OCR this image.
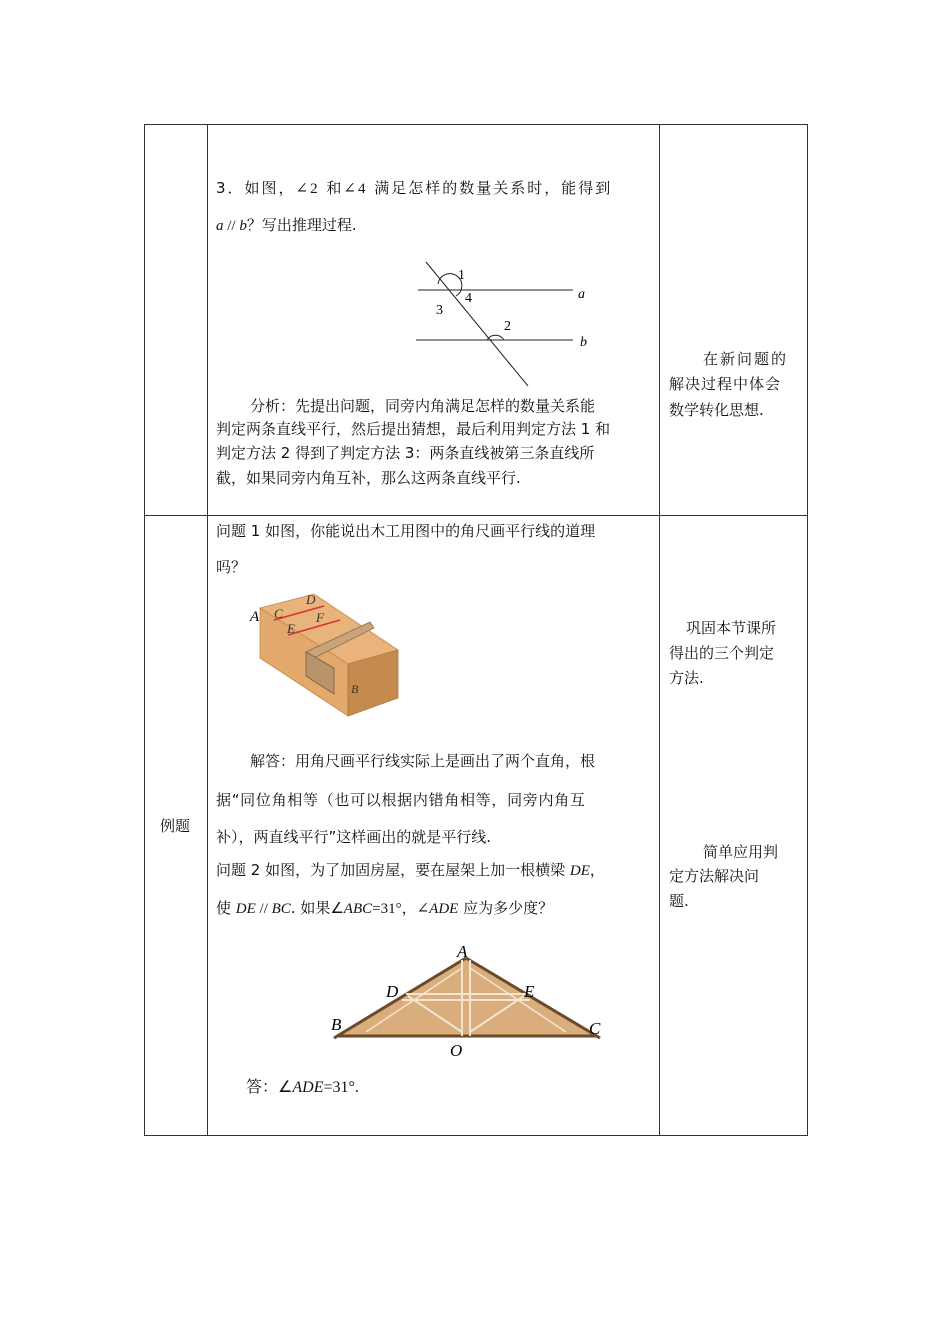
3．如图，∠2 和∠4 满足怎样的数量关系时，能得到
a // b？写出推理过程.
1
4
3
2
a
b
分析：先提出问题，同旁内角满足怎样的数量关系能
判定两条直线平行，然后提出猜想，最后利用判定方法 1 和
判定方法 2 得到了判定方法 3：两条直线被第三条直线所
截，如果同旁内角互补，那么这两条直线平行.
在新问题的
解决过程中体会
数学转化思想.
例题
问题 1 如图，你能说出木工用图中的角尺画平行线的道理
吗？
A C
D
E
F
B
解答：用角尺画平行线实际上是画出了两个直角，根
据“同位角相等（也可以根据内错角相等，同旁内角互
补），两直线平行”这样画出的就是平行线.
问题 2 如图，为了加固房屋，要在屋架上加一根横梁 DE，
使 DE // BC. 如果∠ABC=31°，∠ADE 应为多少度？
A
D	E
B	C
O
答：∠ADE=31°.
巩固本节课所
得出的三个判定
方法.
简单应用判
定方法解决问
题.
